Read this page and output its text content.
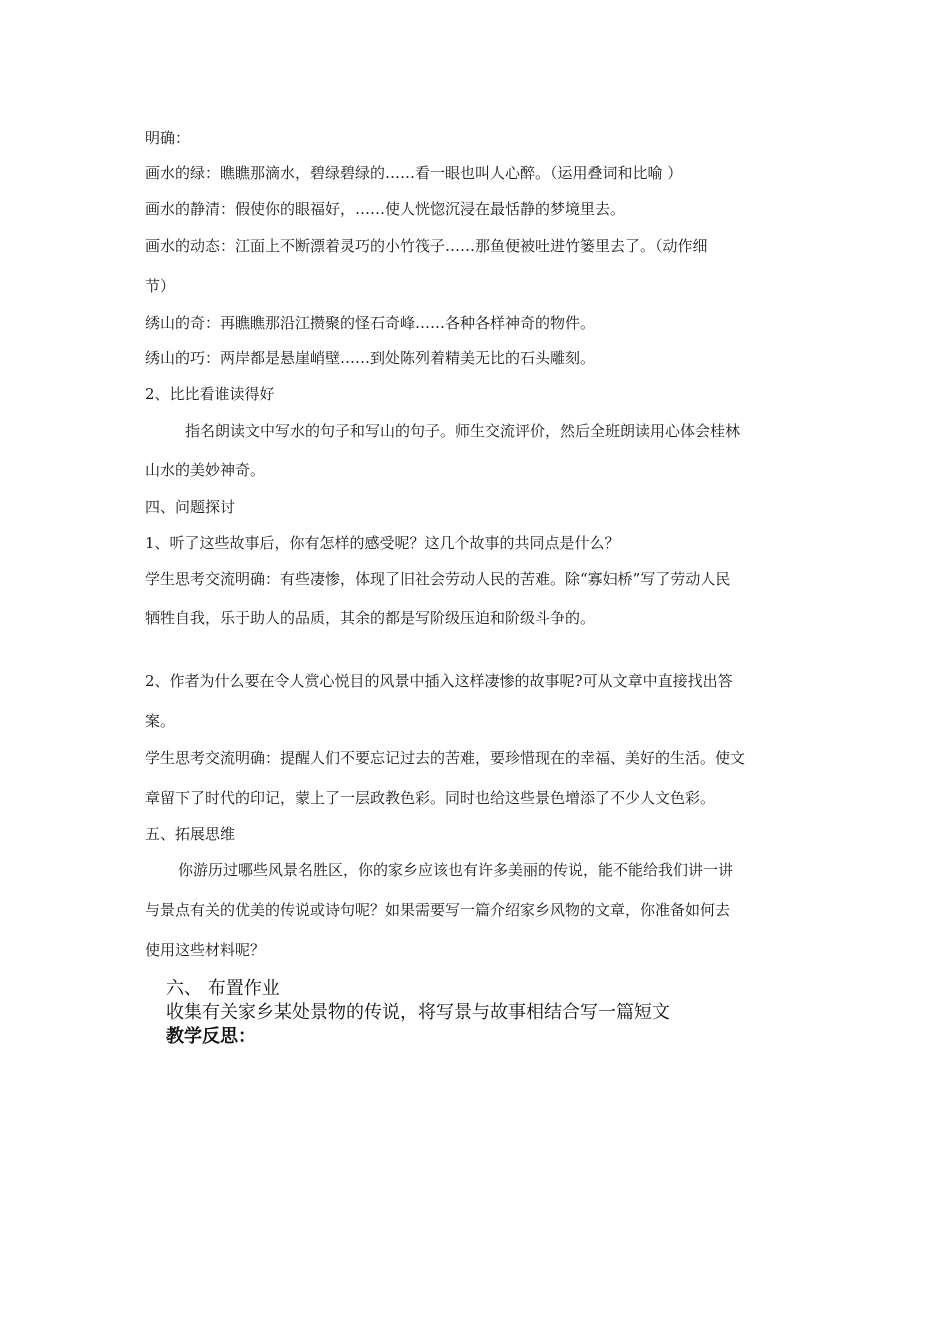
明确：
画水的绿：瞧瞧那滴水，碧绿碧绿的……看一眼也叫人心醉。（运用叠词和比喻 ）
画水的静清：假使你的眼福好，……使人恍惚沉浸在最恬静的梦境里去。
画水的动态：江面上不断漂着灵巧的小竹筏子……那鱼便被吐进竹篓里去了。（动作细
节）
绣山的奇：再瞧瞧那沿江攒聚的怪石奇峰……各种各样神奇的物件。
绣山的巧：两岸都是悬崖峭壁……到处陈列着精美无比的石头雕刻。
2、比比看谁读得好
指名朗读文中写水的句子和写山的句子。师生交流评价，然后全班朗读用心体会桂林
山水的美妙神奇。
四、问题探讨
1、听了这些故事后，你有怎样的感受呢？这几个故事的共同点是什么？
学生思考交流明确：有些凄惨，体现了旧社会劳动人民的苦难。除“寡妇桥”写了劳动人民
牺牲自我，乐于助人的品质，其余的都是写阶级压迫和阶级斗争的。
2、作者为什么要在令人赏心悦目的风景中插入这样凄惨的故事呢?可从文章中直接找出答
案。
学生思考交流明确：提醒人们不要忘记过去的苦难，要珍惜现在的幸福、美好的生活。使文
章留下了时代的印记，蒙上了一层政教色彩。同时也给这些景色增添了不少人文色彩。
五、拓展思维
你游历过哪些风景名胜区，你的家乡应该也有许多美丽的传说，能不能给我们讲一讲
与景点有关的优美的传说或诗句呢？如果需要写一篇介绍家乡风物的文章，你准备如何去
使用这些材料呢？
六、 布置作业
收集有关家乡某处景物的传说，将写景与故事相结合写一篇短文
教学反思：
